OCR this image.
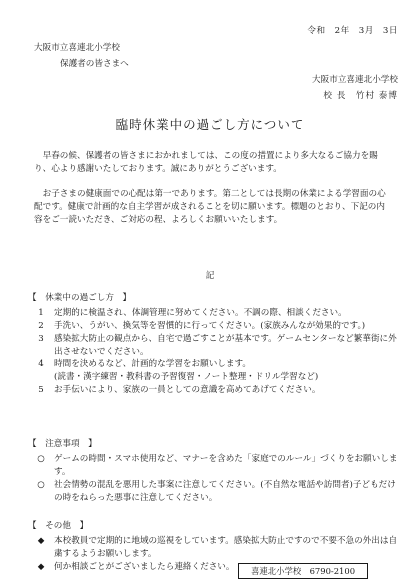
令和　2年　3月　3日
大阪市立喜連北小学校
保護者の皆さまへ
大阪市立喜連北小学校
校 長　竹村 泰博
臨時休業中の過ごし方について
早春の候、保護者の皆さまにおかれましては、この度の措置により多大なるご協力を賜り、心より感謝いたしております。誠にありがとうございます。
お子さまの健康面での心配は第一であります。第二としては長期の休業による学習面の心配です。健康で計画的な自主学習が成されることを切に願います。標題のとおり、下記の内容をご一読いただき、ご対応の程、よろしくお願いいたします。
記
【　休業中の過ごし方　】
1	定期的に検温され、体調管理に努めてください。不調の際、相談ください。
2	手洗い、うがい、換気等を習慣的に行ってください。(家族みんなが効果的です。)
3	感染拡大防止の観点から、自宅で過ごすことが基本です。ゲームセンターなど繁華街に外出させないでください。
4	時間を決めるなど、計画的な学習をお願いします。
(読書・漢字練習・教科書の予習復習・ノート整理・ドリル学習など)
5	お手伝いにより、家族の一員としての意識を高めてあげてください。
【　注意事項　】
○	ゲームの時間・スマホ使用など、マナーを含めた「家庭でのルール」づくりをお願いします。
○	社会情勢の混乱を悪用した事案に注意してください。(不自然な電話や訪問者)子どもだけの時をねらった悪事に注意してください。
【　その他　】
◆	本校教員で定期的に地域の巡視をしています。感染拡大防止ですので不要不急の外出は自粛するようお願いします。
◆	何か相談ごとがございましたら連絡ください。	喜連北小学校　6790-2100
